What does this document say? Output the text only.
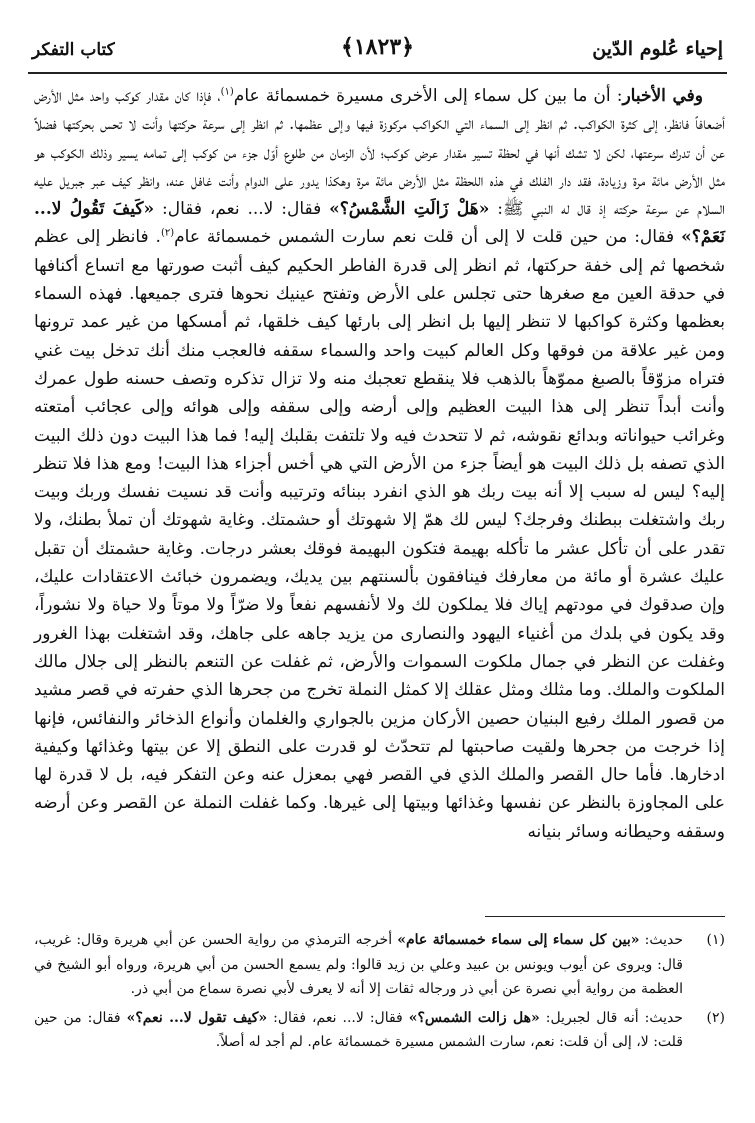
إحياء عُلوم الدّين
﴿١٨٢٣﴾
كتاب التفكر

وفي الأخبار: أن ما بين كل سماء إلى الأخرى مسيرة خمسمائة عام$^{(١)}$، فإذا كان مقدار كوكب واحد مثل الأرض أضعافاً فانظر، إلى كثرة الكواكب. ثم انظر إلى السماء التي الكواكب مركوزة فيها وإلى عظمها. ثم انظر إلى سرعة حركتها وأنت لا تحس بحركتها فضلاً عن أن تدرك سرعتها، لكن لا تشك أنها في لحظة تسير مقدار عرض كوكب؛ لأن الزمان من طلوع أوّل جزء من كوكب إلى تمامه يسير وذلك الكوكب هو مثل الأرض مائة مرة وزيادة، فقد دار الفلك في هذه اللحظة مثل الأرض مائة مرة وهكذا يدور على الدوام وأنت غافل عنه، وانظر كيف عبر جبريل عليه السلام عن سرعة حركته إذ قال له النبي ﷺ: «هَلْ زَالَتِ الشَّمْسُ؟» فقال: لا... نعم، فقال: «كَيفَ تَقُولُ لا... نَعَمْ؟» فقال: من حين قلت لا إلى أن قلت نعم سارت الشمس خمسمائة عام$^{(٢)}$. فانظر إلى عظم شخصها ثم إلى خفة حركتها، ثم انظر إلى قدرة الفاطر الحكيم كيف أثبت صورتها مع اتساع أكنافها في حدقة العين مع صغرها حتى تجلس على الأرض وتفتح عينيك نحوها فترى جميعها. فهذه السماء بعظمها وكثرة كواكبها لا تنظر إليها بل انظر إلى بارئها كيف خلقها، ثم أمسكها من غير عمد ترونها ومن غير علاقة من فوقها وكل العالم كبيت واحد والسماء سقفه فالعجب منك أنك تدخل بيت غني فتراه مزوّقاً بالصبغ مموّهاً بالذهب فلا ينقطع تعجبك منه ولا تزال تذكره وتصف حسنه طول عمرك وأنت أبداً تنظر إلى هذا البيت العظيم وإلى أرضه وإلى سقفه وإلى هوائه وإلى عجائب أمتعته وغرائب حيواناته وبدائع نقوشه، ثم لا تتحدث فيه ولا تلتفت بقلبك إليه! فما هذا البيت دون ذلك البيت الذي تصفه بل ذلك البيت هو أيضاً جزء من الأرض التي هي أخس أجزاء هذا البيت! ومع هذا فلا تنظر إليه؟ ليس له سبب إلا أنه بيت ربك هو الذي انفرد ببنائه وترتيبه وأنت قد نسيت نفسك وربك وبيت ربك واشتغلت ببطنك وفرجك؟ ليس لك همّ إلا شهوتك أو حشمتك. وغاية شهوتك أن تملأ بطنك، ولا تقدر على أن تأكل عشر ما تأكله بهيمة فتكون البهيمة فوقك بعشر درجات. وغاية حشمتك أن تقبل عليك عشرة أو مائة من معارفك فينافقون بألسنتهم بين يديك، ويضمرون خبائث الاعتقادات عليك، وإن صدقوك في مودتهم إياك فلا يملكون لك ولا لأنفسهم نفعاً ولا ضرّاً ولا موتاً ولا حياة ولا نشوراً، وقد يكون في بلدك من أغنياء اليهود والنصارى من يزيد جاهه على جاهك، وقد اشتغلت بهذا الغرور وغفلت عن النظر في جمال ملكوت السموات والأرض، ثم غفلت عن التنعم بالنظر إلى جلال مالك الملكوت والملك. وما مثلك ومثل عقلك إلا كمثل النملة تخرج من جحرها الذي حفرته في قصر مشيد من قصور الملك رفيع البنيان حصين الأركان مزين بالجواري والغلمان وأنواع الذخائر والنفائس، فإنها إذا خرجت من جحرها ولقيت صاحبتها لم تتحدّث لو قدرت على النطق إلا عن بيتها وغذائها وكيفية ادخارها. فأما حال القصر والملك الذي في القصر فهي بمعزل عنه وعن التفكر فيه، بل لا قدرة لها على المجاوزة بالنظر عن نفسها وغذائها وبيتها إلى غيرها. وكما غفلت النملة عن القصر وعن أرضه وسقفه وحيطانه وسائر بنيانه

(١)
حديث: «بين كل سماء إلى سماء خمسمائة عام» أخرجه الترمذي من رواية الحسن عن أبي هريرة وقال: غريب، قال: ويروى عن أيوب ويونس بن عبيد وعلي بن زيد قالوا: ولم يسمع الحسن من أبي هريرة، ورواه أبو الشيخ في العظمة من رواية أبي نصرة عن أبي ذر ورجاله ثقات إلا أنه لا يعرف لأبي نصرة سماع من أبي ذر.
(٢)
حديث: أنه قال لجبريل: «هل زالت الشمس؟» فقال: لا... نعم، فقال: «كيف تقول لا... نعم؟» فقال: من حين قلت: لا، إلى أن قلت: نعم، سارت الشمس مسيرة خمسمائة عام. لم أجد له أصلاً.
